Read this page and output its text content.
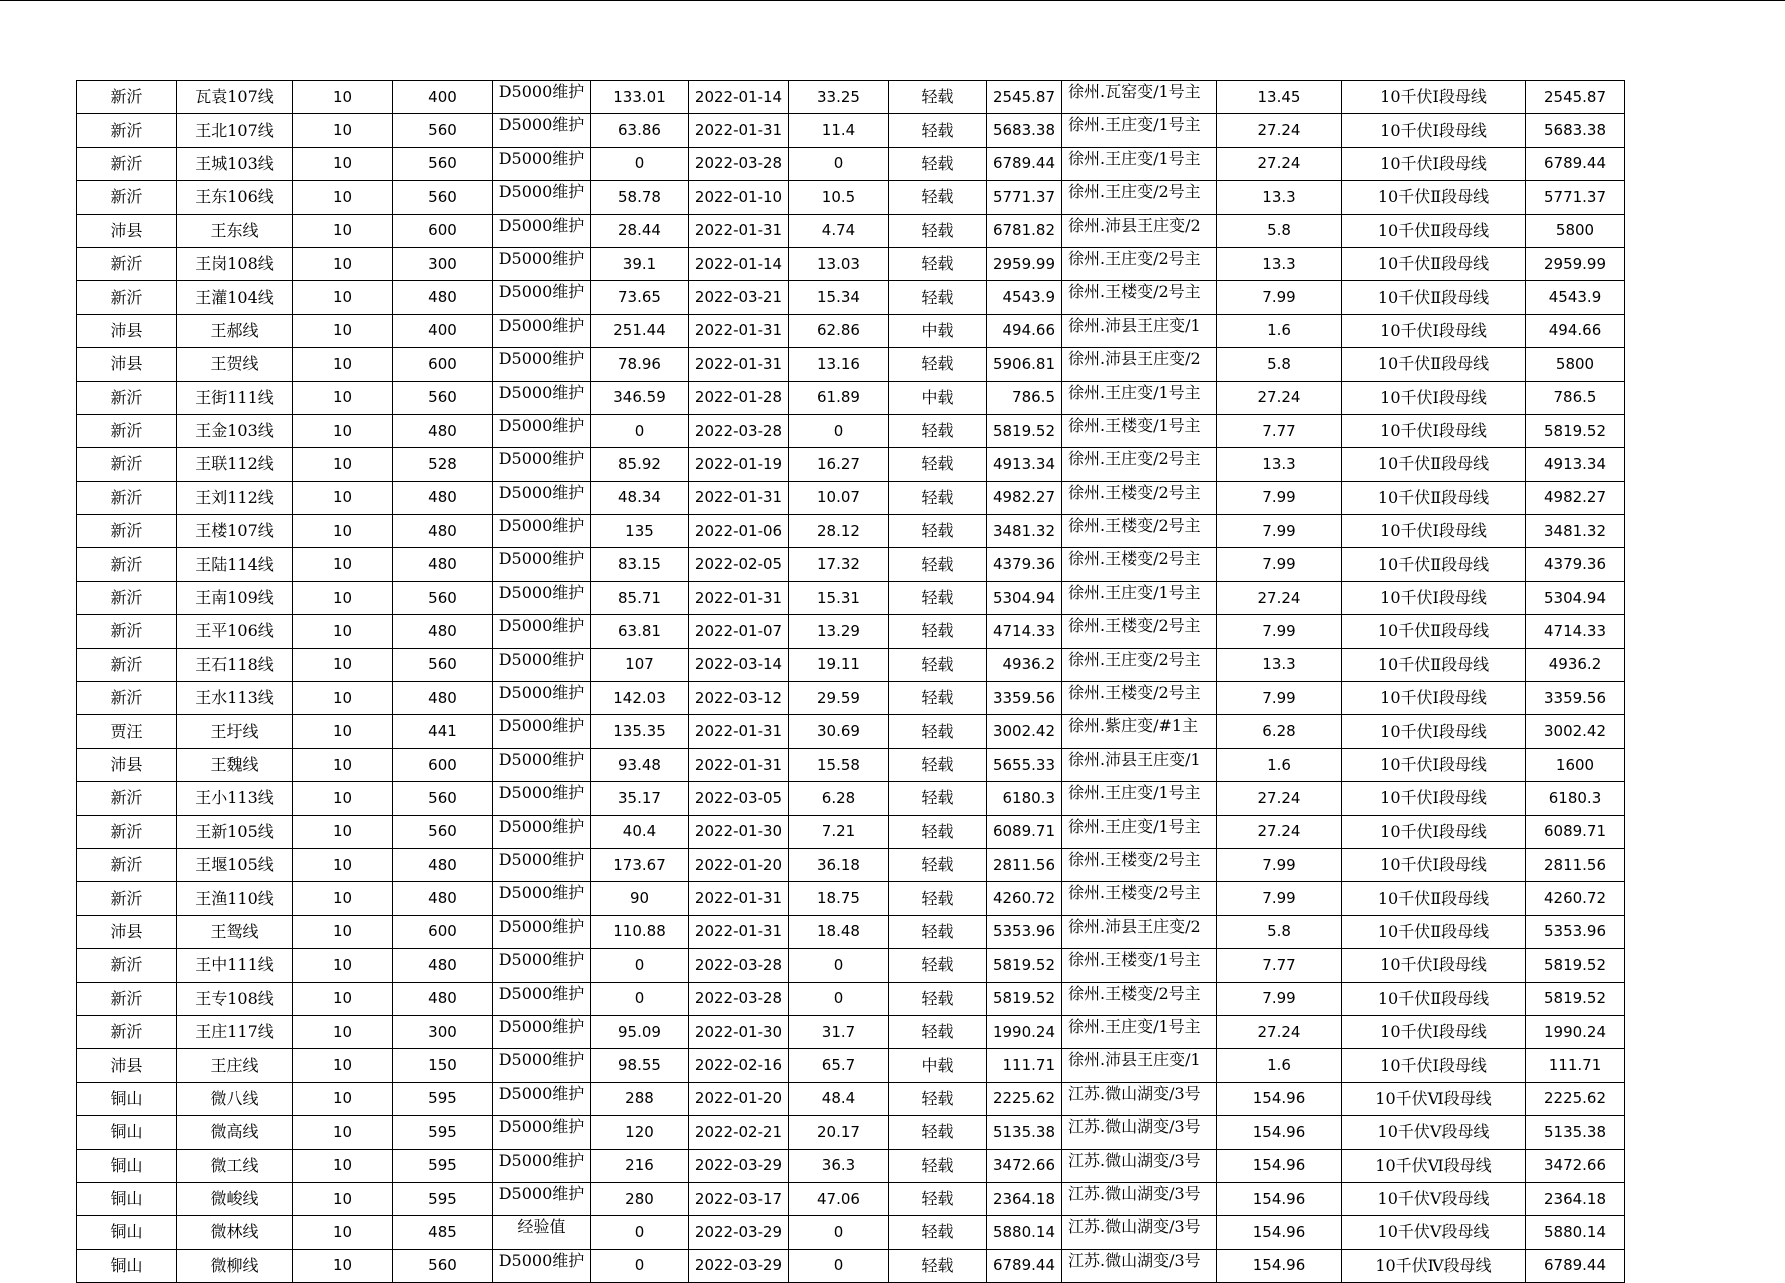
新沂	瓦袁107线	10	400	D5000维护	133.01	2022-01-14	33.25	轻载	2545.87	徐州.瓦窑变/1号主	13.45	10千伏Ⅰ段母线	2545.87
新沂	王北107线	10	560	D5000维护	63.86	2022-01-31	11.4	轻载	5683.38	徐州.王庄变/1号主	27.24	10千伏Ⅰ段母线	5683.38
新沂	王城103线	10	560	D5000维护	0	2022-03-28	0	轻载	6789.44	徐州.王庄变/1号主	27.24	10千伏Ⅰ段母线	6789.44
新沂	王东106线	10	560	D5000维护	58.78	2022-01-10	10.5	轻载	5771.37	徐州.王庄变/2号主	13.3	10千伏Ⅱ段母线	5771.37
沛县	王东线	10	600	D5000维护	28.44	2022-01-31	4.74	轻载	6781.82	徐州.沛县王庄变/2	5.8	10千伏Ⅱ段母线	5800
新沂	王岗108线	10	300	D5000维护	39.1	2022-01-14	13.03	轻载	2959.99	徐州.王庄变/2号主	13.3	10千伏Ⅱ段母线	2959.99
新沂	王灌104线	10	480	D5000维护	73.65	2022-03-21	15.34	轻载	4543.9	徐州.王楼变/2号主	7.99	10千伏Ⅱ段母线	4543.9
沛县	王郝线	10	400	D5000维护	251.44	2022-01-31	62.86	中载	494.66	徐州.沛县王庄变/1	1.6	10千伏Ⅰ段母线	494.66
沛县	王贺线	10	600	D5000维护	78.96	2022-01-31	13.16	轻载	5906.81	徐州.沛县王庄变/2	5.8	10千伏Ⅱ段母线	5800
新沂	王街111线	10	560	D5000维护	346.59	2022-01-28	61.89	中载	786.5	徐州.王庄变/1号主	27.24	10千伏Ⅰ段母线	786.5
新沂	王金103线	10	480	D5000维护	0	2022-03-28	0	轻载	5819.52	徐州.王楼变/1号主	7.77	10千伏Ⅰ段母线	5819.52
新沂	王联112线	10	528	D5000维护	85.92	2022-01-19	16.27	轻载	4913.34	徐州.王庄变/2号主	13.3	10千伏Ⅱ段母线	4913.34
新沂	王刘112线	10	480	D5000维护	48.34	2022-01-31	10.07	轻载	4982.27	徐州.王楼变/2号主	7.99	10千伏Ⅱ段母线	4982.27
新沂	王楼107线	10	480	D5000维护	135	2022-01-06	28.12	轻载	3481.32	徐州.王楼变/2号主	7.99	10千伏Ⅰ段母线	3481.32
新沂	王陆114线	10	480	D5000维护	83.15	2022-02-05	17.32	轻载	4379.36	徐州.王楼变/2号主	7.99	10千伏Ⅱ段母线	4379.36
新沂	王南109线	10	560	D5000维护	85.71	2022-01-31	15.31	轻载	5304.94	徐州.王庄变/1号主	27.24	10千伏Ⅰ段母线	5304.94
新沂	王平106线	10	480	D5000维护	63.81	2022-01-07	13.29	轻载	4714.33	徐州.王楼变/2号主	7.99	10千伏Ⅱ段母线	4714.33
新沂	王石118线	10	560	D5000维护	107	2022-03-14	19.11	轻载	4936.2	徐州.王庄变/2号主	13.3	10千伏Ⅱ段母线	4936.2
新沂	王水113线	10	480	D5000维护	142.03	2022-03-12	29.59	轻载	3359.56	徐州.王楼变/2号主	7.99	10千伏Ⅰ段母线	3359.56
贾汪	王圩线	10	441	D5000维护	135.35	2022-01-31	30.69	轻载	3002.42	徐州.紫庄变/#1主	6.28	10千伏Ⅰ段母线	3002.42
沛县	王魏线	10	600	D5000维护	93.48	2022-01-31	15.58	轻载	5655.33	徐州.沛县王庄变/1	1.6	10千伏Ⅰ段母线	1600
新沂	王小113线	10	560	D5000维护	35.17	2022-03-05	6.28	轻载	6180.3	徐州.王庄变/1号主	27.24	10千伏Ⅰ段母线	6180.3
新沂	王新105线	10	560	D5000维护	40.4	2022-01-30	7.21	轻载	6089.71	徐州.王庄变/1号主	27.24	10千伏Ⅰ段母线	6089.71
新沂	王堰105线	10	480	D5000维护	173.67	2022-01-20	36.18	轻载	2811.56	徐州.王楼变/2号主	7.99	10千伏Ⅰ段母线	2811.56
新沂	王渔110线	10	480	D5000维护	90	2022-01-31	18.75	轻载	4260.72	徐州.王楼变/2号主	7.99	10千伏Ⅱ段母线	4260.72
沛县	王鸳线	10	600	D5000维护	110.88	2022-01-31	18.48	轻载	5353.96	徐州.沛县王庄变/2	5.8	10千伏Ⅱ段母线	5353.96
新沂	王中111线	10	480	D5000维护	0	2022-03-28	0	轻载	5819.52	徐州.王楼变/1号主	7.77	10千伏Ⅰ段母线	5819.52
新沂	王专108线	10	480	D5000维护	0	2022-03-28	0	轻载	5819.52	徐州.王楼变/2号主	7.99	10千伏Ⅱ段母线	5819.52
新沂	王庄117线	10	300	D5000维护	95.09	2022-01-30	31.7	轻载	1990.24	徐州.王庄变/1号主	27.24	10千伏Ⅰ段母线	1990.24
沛县	王庄线	10	150	D5000维护	98.55	2022-02-16	65.7	中载	111.71	徐州.沛县王庄变/1	1.6	10千伏Ⅰ段母线	111.71
铜山	微八线	10	595	D5000维护	288	2022-01-20	48.4	轻载	2225.62	江苏.微山湖变/3号	154.96	10千伏Ⅵ段母线	2225.62
铜山	微高线	10	595	D5000维护	120	2022-02-21	20.17	轻载	5135.38	江苏.微山湖变/3号	154.96	10千伏Ⅴ段母线	5135.38
铜山	微工线	10	595	D5000维护	216	2022-03-29	36.3	轻载	3472.66	江苏.微山湖变/3号	154.96	10千伏Ⅵ段母线	3472.66
铜山	微峻线	10	595	D5000维护	280	2022-03-17	47.06	轻载	2364.18	江苏.微山湖变/3号	154.96	10千伏Ⅴ段母线	2364.18
铜山	微林线	10	485	经验值	0	2022-03-29	0	轻载	5880.14	江苏.微山湖变/3号	154.96	10千伏Ⅴ段母线	5880.14
铜山	微柳线	10	560	D5000维护	0	2022-03-29	0	轻载	6789.44	江苏.微山湖变/3号	154.96	10千伏Ⅳ段母线	6789.44
